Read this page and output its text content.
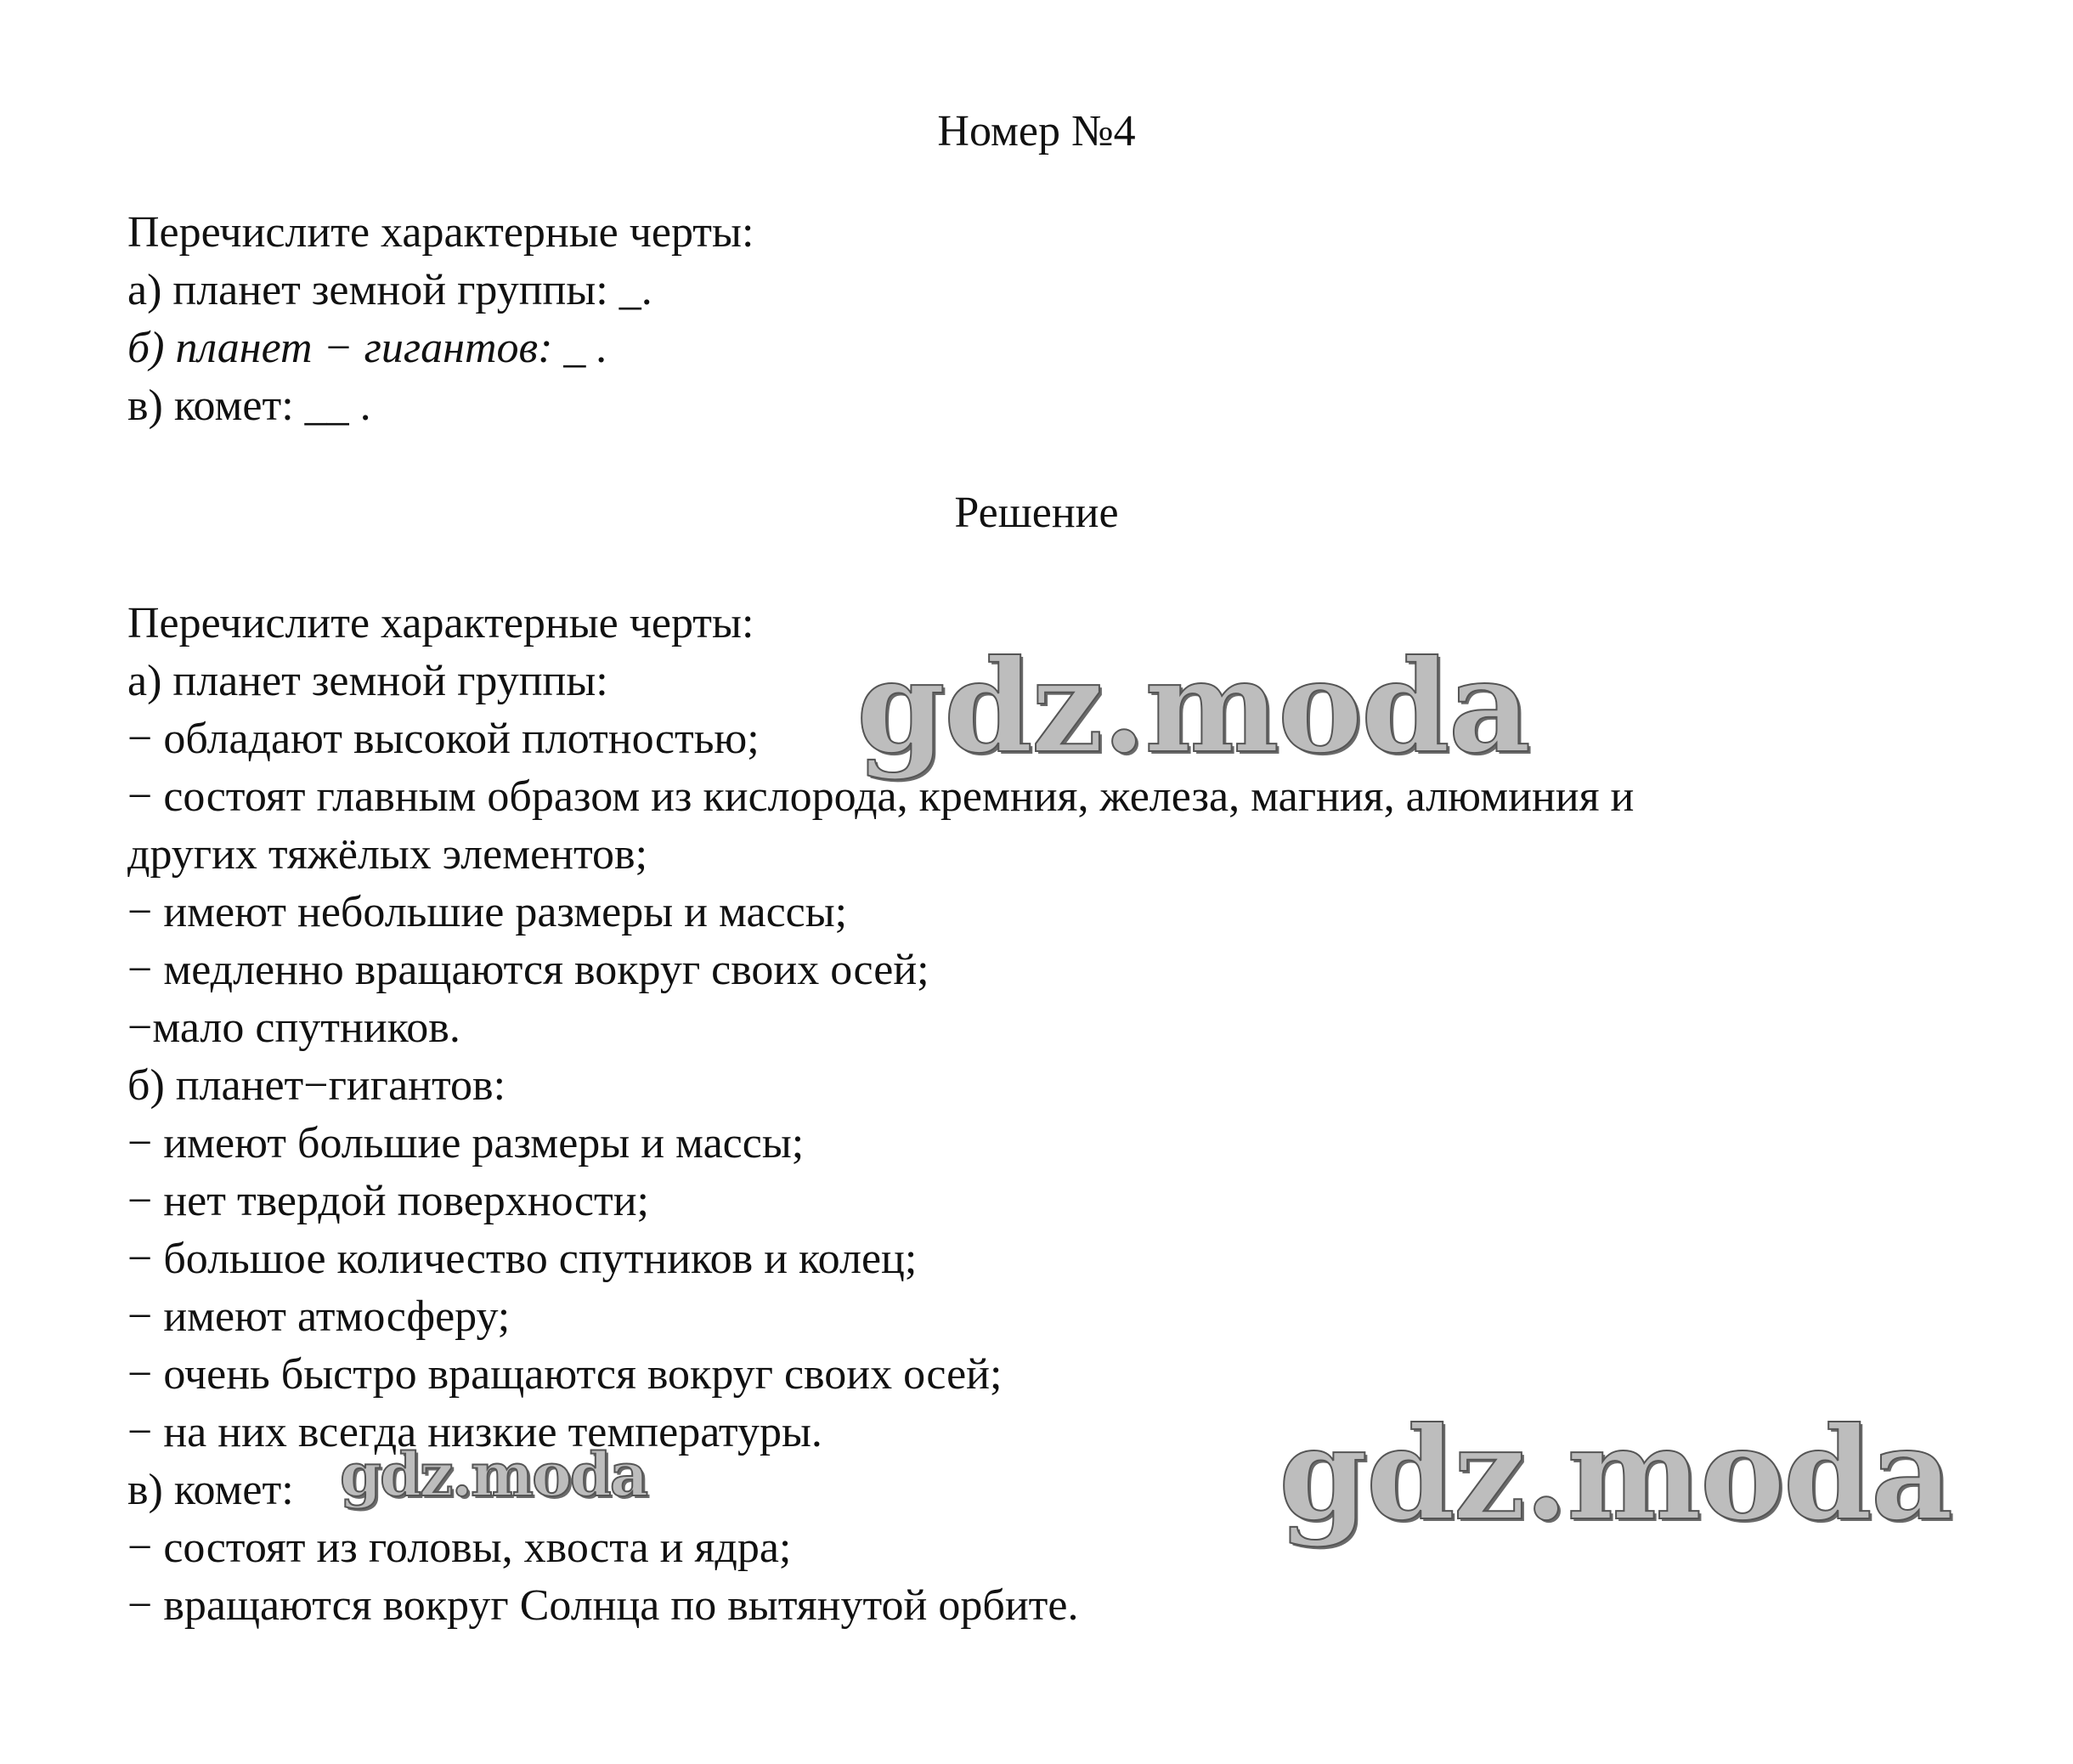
Номер №4
Перечислите характерные черты:
а) планет земной группы: _.
б) планет − гигантов: _ .
в) комет: __ .
Решение
Перечислите характерные черты:
а) планет земной группы:
− обладают высокой плотностью;
− состоят главным образом из кислорода, кремния, железа, магния, алюминия и
других тяжёлых элементов;
− имеют небольшие размеры и массы;
− медленно вращаются вокруг своих осей;
−мало спутников.
б) планет−гигантов:
− имеют большие размеры и массы;
− нет твердой поверхности;
− большое количество спутников и колец;
− имеют атмосферу;
− очень быстро вращаются вокруг своих осей;
− на них всегда низкие температуры.
в) комет:
− состоят из головы, хвоста и ядра;
− вращаются вокруг Солнца по вытянутой орбите.
gdz.moda
gdz.moda	gdz.moda
